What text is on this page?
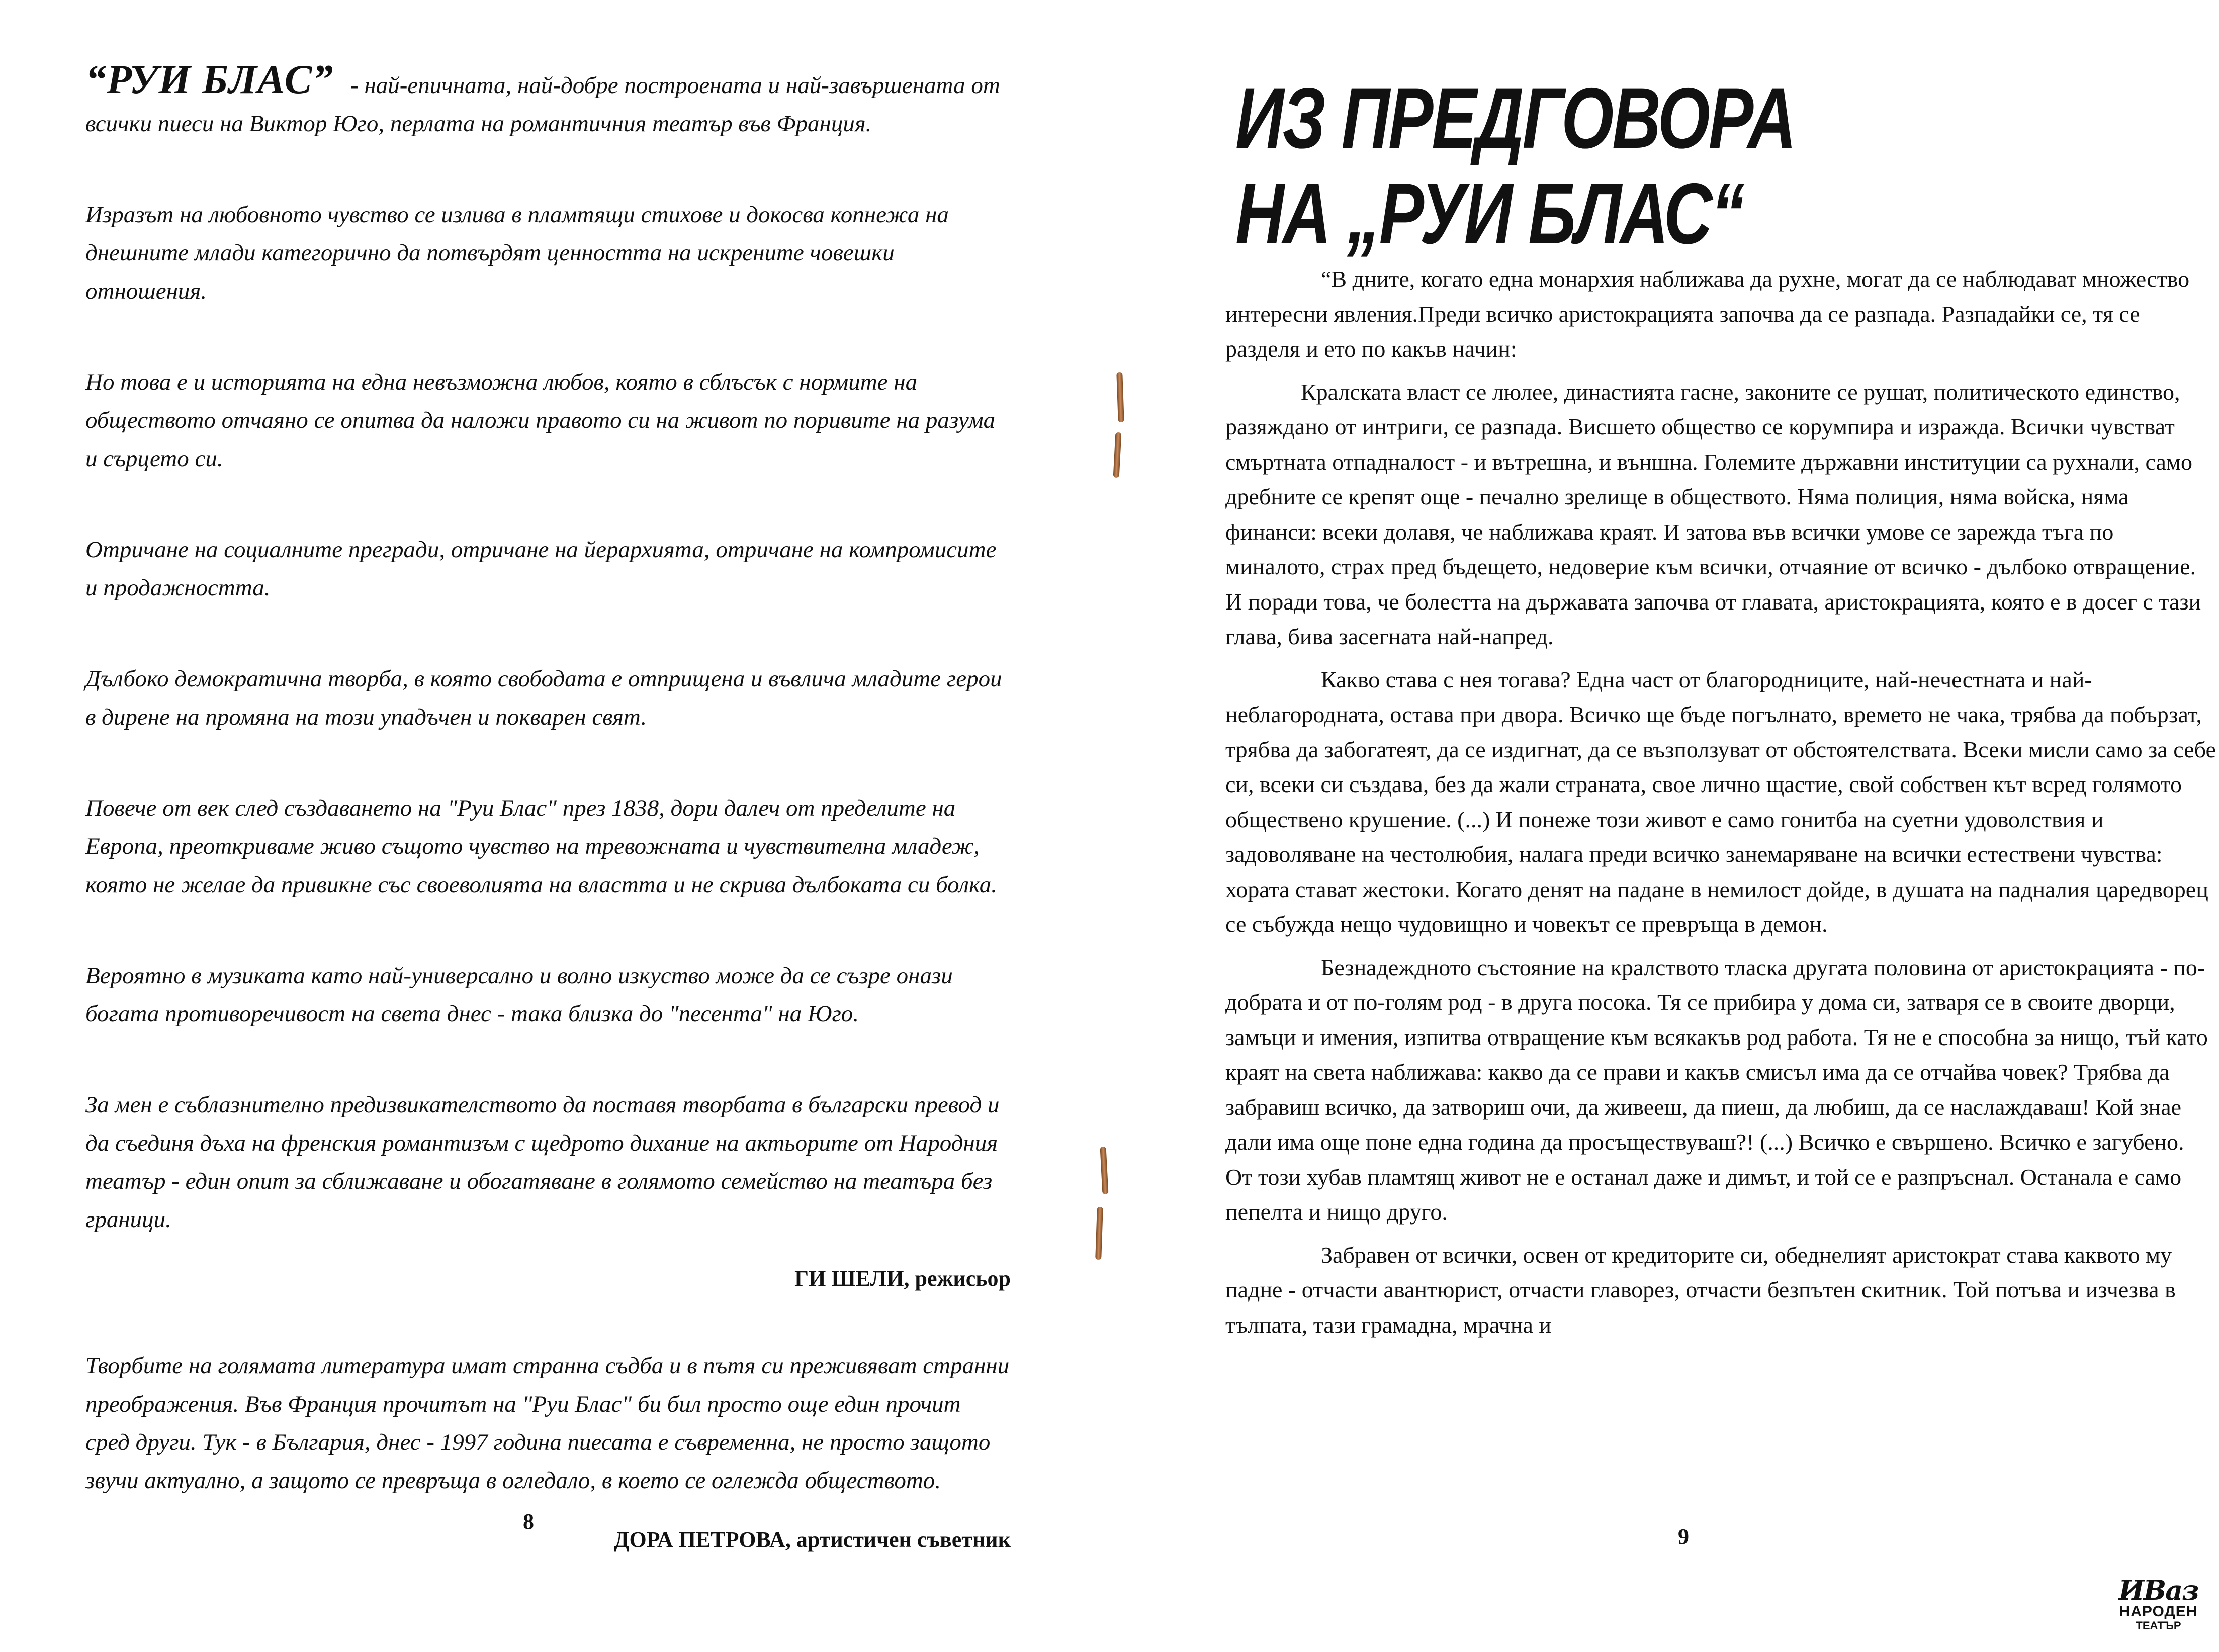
“РУИ БЛАС” - най-епичната, най-добре построената и най-завършената от всички пиеси на Виктор Юго, перлата на романтичния театър във Франция.

Изразът на любовното чувство се излива в пламтящи стихове и докосва копнежа на днешните млади категорично да потвърдят ценността на искрените човешки отношения.

Но това е и историята на една невъзможна любов, която в сблъсък с нормите на обществото отчаяно се опитва да наложи правото си на живот по поривите на разума и сърцето си.

Отричане на социалните прегради, отричане на йерархията, отричане на компромисите и продажността.

Дълбоко демократична творба, в която свободата е отприщена и въвлича младите герои в дирене на промяна на този упадъчен и покварен свят.

Повече от век след създаването на "Руи Блас" през 1838, дори далеч от пределите на Европа, преоткриваме живо същото чувство на тревожната и чувствителна младеж, която не желае да привикне със своеволията на властта и не скрива дълбоката си болка.

Вероятно в музиката като най-универсално и волно изкуство може да се съзре онази богата противоречивост на света днес - така близка до "песента" на Юго.

За мен е съблазнително предизвикателството да поставя творбата в български превод и да съединя дъха на френския романтизъм с щедрото дихание на актьорите от Народния театър - един опит за сближаване и обогатяване в голямото семейство на театъра без граници.

ГИ ШЕЛИ, режисьор

Творбите на голямата литература имат странна съдба и в пътя си преживяват странни преображения. Във Франция прочитът на "Руи Блас" би бил просто още един прочит сред други. Тук - в България, днес - 1997 година пиесата е съвременна, не просто защото звучи актуално, а защото се превръща в огледало, в което се оглежда обществото.

ДОРА ПЕТРОВА, артистичен съветник
8
ИЗ ПРЕДГОВОРА
НА „РУИ БЛАС“

“В дните, когато една монархия наближава да рухне, могат да се наблюдават множество интересни явления.Преди всичко аристокрацията започва да се разпада. Разпадайки се, тя се разделя и ето по какъв начин:

Кралската власт се люлее, династията гасне, законите се рушат, политическото единство, разяждано от интриги, се разпада. Висшето общество се корумпира и изражда. Всички чувстват смъртната отпадналост - и вътрешна, и външна. Големите държавни институции са рухнали, само дребните се крепят още - печално зрелище в обществото. Няма полиция, няма войска, няма финанси: всеки долавя, че наближава краят. И затова във всички умове се зарежда тъга по миналото, страх пред бъдещето, недоверие към всички, отчаяние от всичко - дълбоко отвращение. И поради това, че болестта на държавата започва от главата, аристокрацията, която е в досег с тази глава, бива засегната най-напред.

Какво става с нея тогава? Една част от благородниците, най-нечестната и най-неблагородната, остава при двора. Всичко ще бъде погълнато, времето не чака, трябва да побързат, трябва да забогатеят, да се издигнат, да се възползуват от обстоятелствата. Всеки мисли само за себе си, всеки си създава, без да жали страната, свое лично щастие, свой собствен кът всред голямото обществено крушение. (...) И понеже този живот е само гонитба на суетни удоволствия и задоволяване на честолюбия, налага преди всичко занемаряване на всички естествени чувства: хората стават жестоки. Когато денят на падане в немилост дойде, в душата на падналия царедворец се събужда нещо чудовищно и човекът се превръща в демон.

Безнадеждното състояние на кралството тласка другата половина от аристокрацията - по-добрата и от по-голям род - в друга посока. Тя се прибира у дома си, затваря се в своите дворци, замъци и имения, изпитва отвращение към всякакъв род работа. Тя не е способна за нищо, тъй като краят на света наближава: какво да се прави и какъв смисъл има да се отчайва човек? Трябва да забравиш всичко, да затвориш очи, да живееш, да пиеш, да любиш, да се наслаждаваш! Кой знае дали има още поне една година да просъществуваш?! (...) Всичко е свършено. Всичко е загубено. От този хубав пламтящ живот не е останал даже и димът, и той се е разпръснал. Останала е само пепелта и нищо друго.

Забравен от всички, освен от кредиторите си, обеднелият аристократ става каквото му падне - отчасти авантюрист, отчасти главорез, отчасти безпътен скитник. Той потъва и изчезва в тълпата, тази грамадна, мрачна и

9
ИВаз
НАРОДЕН
ТЕАТЪР
